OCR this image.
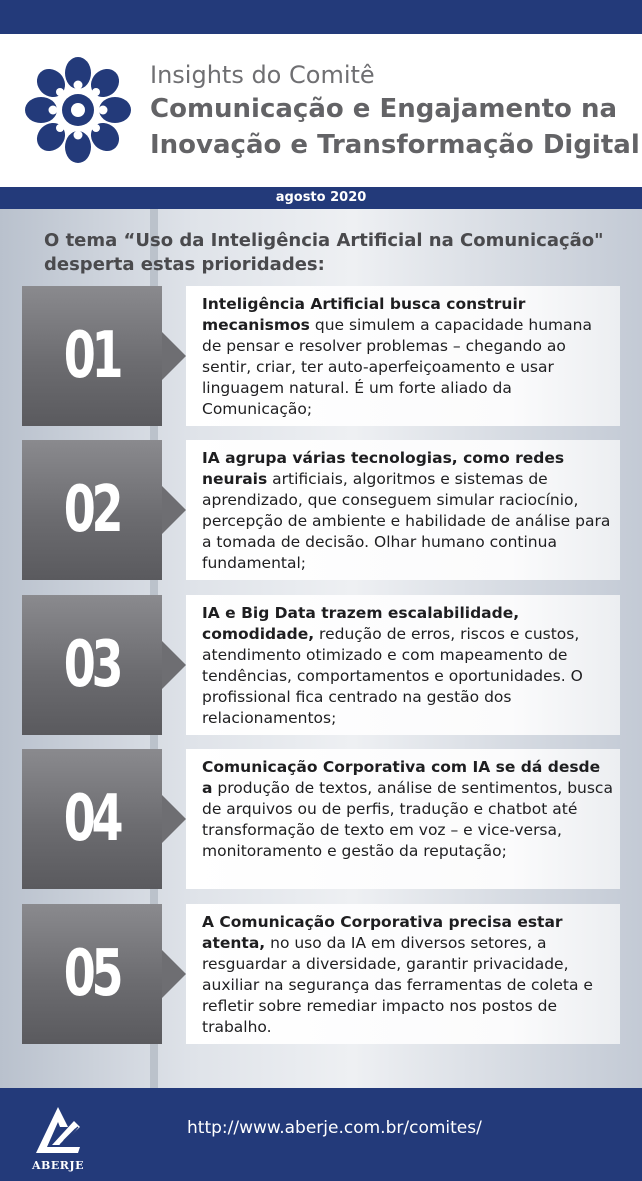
Insights do Comitê
Comunicação e Engajamento na
Inovação e Transformação Digital
agosto 2020
O tema “Uso da Inteligência Artificial na Comunicação" desperta estas prioridades:
01
Inteligência Artificial busca construir mecanismos que simulem a capacidade humana de pensar e resolver problemas – chegando ao sentir, criar, ter auto-aperfeiçoamento e usar linguagem natural. É um forte aliado da Comunicação;
02
IA agrupa várias tecnologias, como redes neurais artificiais, algoritmos e sistemas de aprendizado, que conseguem simular raciocínio, percepção de ambiente e habilidade de análise para a tomada de decisão. Olhar humano continua fundamental;
03
IA e Big Data trazem escalabilidade, comodidade, redução de erros, riscos e custos, atendimento otimizado e com mapeamento de tendências, comportamentos e oportunidades. O profissional fica centrado na gestão dos relacionamentos;
04
Comunicação Corporativa com IA se dá desde a produção de textos, análise de sentimentos, busca de arquivos ou de perfis, tradução e chatbot até transformação de texto em voz – e vice-versa, monitoramento e gestão da reputação;
05
A Comunicação Corporativa precisa estar atenta, no uso da IA em diversos setores, a resguardar a diversidade, garantir privacidade, auxiliar na segurança das ferramentas de coleta e refletir sobre remediar impacto nos postos de trabalho.
ABERJE
http://www.aberje.com.br/comites/
